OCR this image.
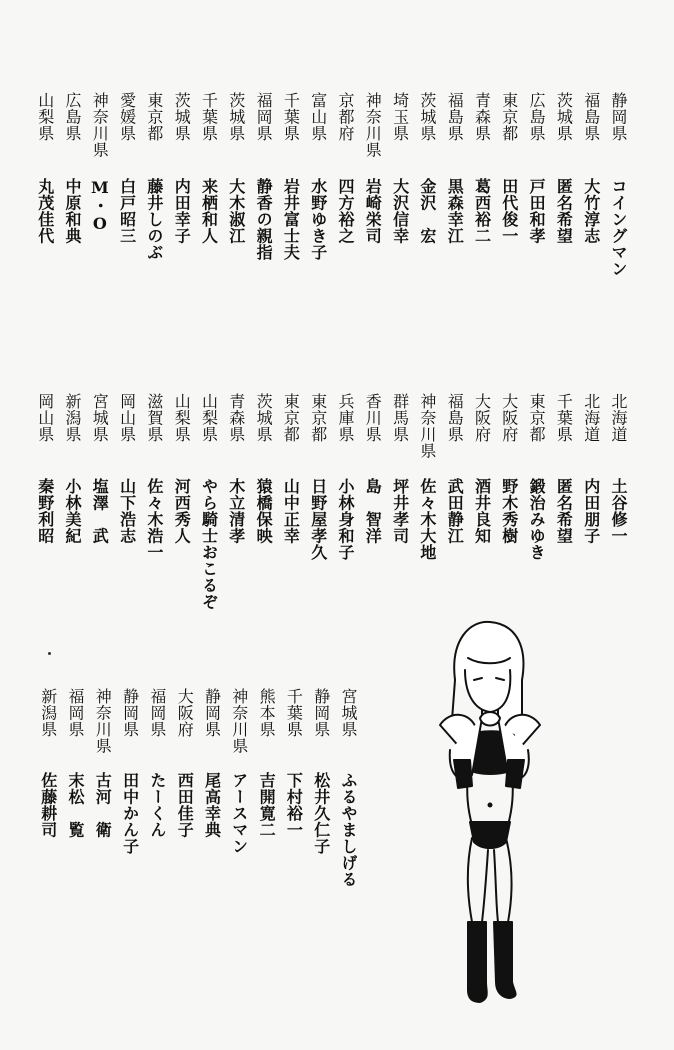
静岡県
コイングマン
福島県
大竹淳志
茨城県
匿名希望
広島県
戸田和孝
東京都
田代俊一
青森県
葛西裕二
福島県
黒森幸江
茨城県
金沢　宏
埼玉県
大沢信幸
神奈川県
岩崎栄司
京都府
四方裕之
富山県
水野ゆき子
千葉県
岩井富士夫
福岡県
静香の親指
茨城県
大木淑江
千葉県
来栖和人
茨城県
内田幸子
東京都
藤井しのぶ
愛媛県
白戸昭三
神奈川県
M・O
広島県
中原和典
山梨県
丸茂佳代
北海道
土谷修一
北海道
内田朋子
千葉県
匿名希望
東京都
鍛治みゆき
大阪府
野木秀樹
大阪府
酒井良知
福島県
武田静江
神奈川県
佐々木大地
群馬県
坪井孝司
香川県
島　智洋
兵庫県
小林身和子
東京都
日野屋孝久
東京都
山中正幸
茨城県
猿橋保映
青森県
木立清孝
山梨県
やら騎士おこるぞ
山梨県
河西秀人
滋賀県
佐々木浩一
岡山県
山下浩志
宮城県
塩澤　武
新潟県
小林美紀
岡山県
秦野利昭
宮城県
ふるやましげる
静岡県
松井久仁子
千葉県
下村裕一
熊本県
吉開寛二
神奈川県
アースマン
静岡県
尾高幸典
大阪府
西田佳子
福岡県
たーくん
静岡県
田中かん子
神奈川県
古河　衛
福岡県
末松　覧
新潟県
佐藤耕司
